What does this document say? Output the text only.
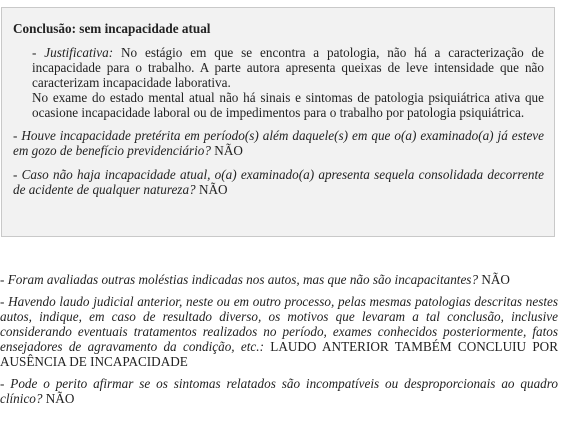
Conclusão: sem incapacidade atual
- Justificativa: No estágio em que se encontra a patologia, não há a caracterização de incapacidade para o trabalho. A parte autora apresenta queixas de leve intensidade que não caracterizam incapacidade laborativa.
No exame do estado mental atual não há sinais e sintomas de patologia psiquiátrica ativa que ocasione incapacidade laboral ou de impedimentos para o trabalho por patologia psiquiátrica.
- Houve incapacidade pretérita em período(s) além daquele(s) em que o(a) examinado(a) já esteve em gozo de benefício previdenciário? NÃO
- Caso não haja incapacidade atual, o(a) examinado(a) apresenta sequela consolidada decorrente de acidente de qualquer natureza? NÃO

- Foram avaliadas outras moléstias indicadas nos autos, mas que não são incapacitantes? NÃO

- Havendo laudo judicial anterior, neste ou em outro processo, pelas mesmas patologias descritas nestes autos, indique, em caso de resultado diverso, os motivos que levaram a tal conclusão, inclusive considerando eventuais tratamentos realizados no período, exames conhecidos posteriormente, fatos ensejadores de agravamento da condição, etc.: LAUDO ANTERIOR TAMBÉM CONCLUIU POR AUSÊNCIA DE INCAPACIDADE

- Pode o perito afirmar se os sintomas relatados são incompatíveis ou desproporcionais ao quadro clínico? NÃO
